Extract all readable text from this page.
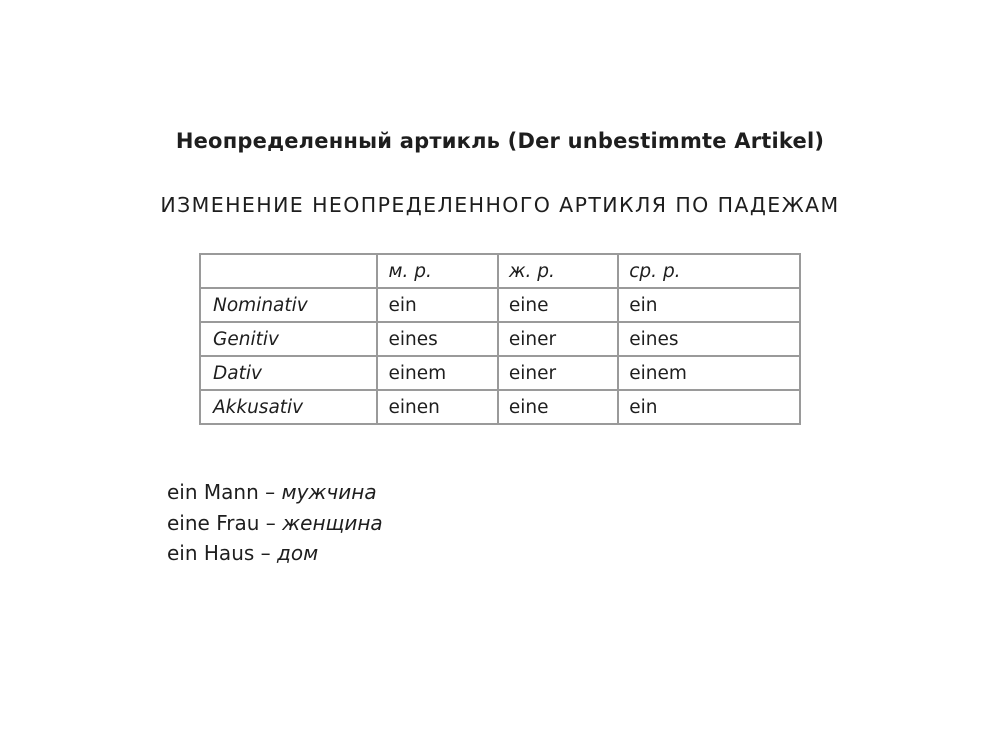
Неопределенный артикль (Der unbestimmte Artikel)
ИЗМЕНЕНИЕ НЕОПРЕДЕЛЕННОГО АРТИКЛЯ ПО ПАДЕЖАМ
	м. р.	ж. р.	ср. р.
Nominativ	ein	eine	ein
Genitiv	eines	einer	eines
Dativ	einem	einer	einem
Akkusativ	einen	eine	ein
ein Mann – мужчина
eine Frau – женщина
ein Haus – дом
